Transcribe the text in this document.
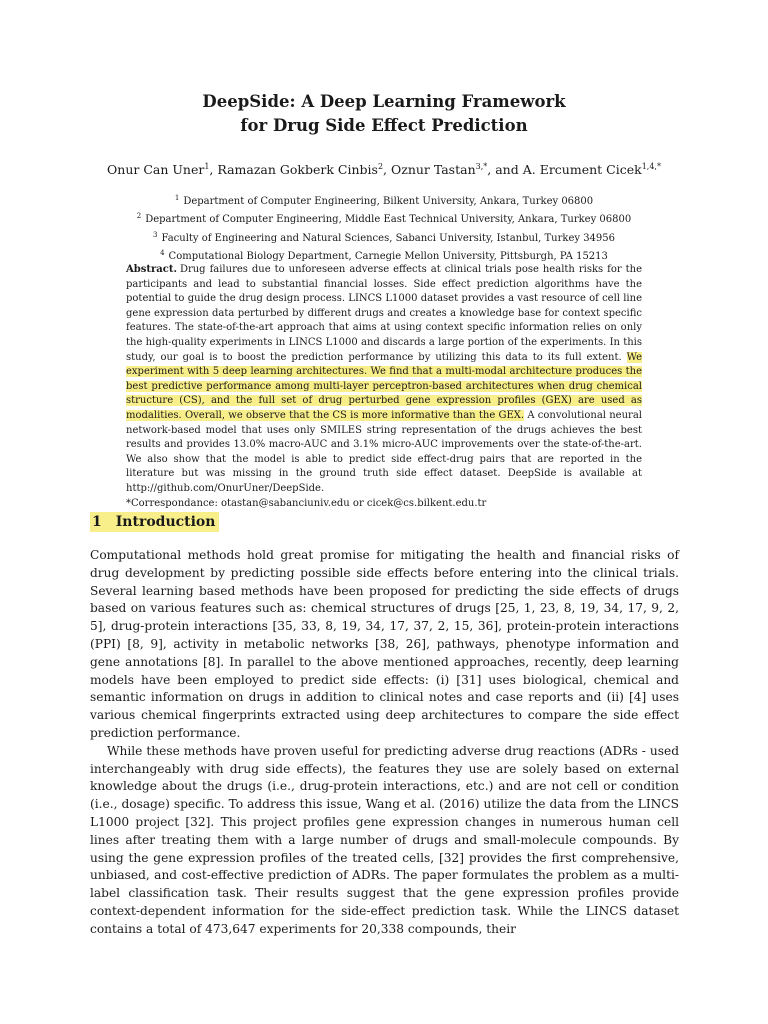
DeepSide: A Deep Learning Framework
for Drug Side Effect Prediction
Onur Can Uner$^1$, Ramazan Gokberk Cinbis$^2$, Oznur Tastan$^{3,*}$, and A. Ercument Cicek$^{1,4,*}$
$^1$ Department of Computer Engineering, Bilkent University, Ankara, Turkey 06800
$^2$ Department of Computer Engineering, Middle East Technical University, Ankara, Turkey 06800
$^3$ Faculty of Engineering and Natural Sciences, Sabanci University, Istanbul, Turkey 34956
$^4$ Computational Biology Department, Carnegie Mellon University, Pittsburgh, PA 15213
Abstract. Drug failures due to unforeseen adverse effects at clinical trials pose health risks for the participants and lead to substantial financial losses. Side effect prediction algorithms have the potential to guide the drug design process. LINCS L1000 dataset provides a vast resource of cell line gene expression data perturbed by different drugs and creates a knowledge base for context specific features. The state-of-the-art approach that aims at using context specific information relies on only the high-quality experiments in LINCS L1000 and discards a large portion of the experiments. In this study, our goal is to boost the prediction performance by utilizing this data to its full extent. We experiment with 5 deep learning architectures. We find that a multi-modal architecture produces the best predictive performance among multi-layer perceptron-based architectures when drug chemical structure (CS), and the full set of drug perturbed gene expression profiles (GEX) are used as modalities. Overall, we observe that the CS is more informative than the GEX. A convolutional neural network-based model that uses only SMILES string representation of the drugs achieves the best results and provides 13.0% macro-AUC and 3.1% micro-AUC improvements over the state-of-the-art. We also show that the model is able to predict side effect-drug pairs that are reported in the literature but was missing in the ground truth side effect dataset. DeepSide is available at http://github.com/OnurUner/DeepSide.
*Correspondance: otastan@sabanciuniv.edu or cicek@cs.bilkent.edu.tr
1 Introduction

Computational methods hold great promise for mitigating the health and financial risks of drug development by predicting possible side effects before entering into the clinical trials. Several learning based methods have been proposed for predicting the side effects of drugs based on various features such as: chemical structures of drugs [25, 1, 23, 8, 19, 34, 17, 9, 2, 5], drug-protein interactions [35, 33, 8, 19, 34, 17, 37, 2, 15, 36], protein-protein interactions (PPI) [8, 9], activity in metabolic networks [38, 26], pathways, phenotype information and gene annotations [8]. In parallel to the above mentioned approaches, recently, deep learning models have been employed to predict side effects: (i) [31] uses biological, chemical and semantic information on drugs in addition to clinical notes and case reports and (ii) [4] uses various chemical fingerprints extracted using deep architectures to compare the side effect prediction performance.

While these methods have proven useful for predicting adverse drug reactions (ADRs - used interchangeably with drug side effects), the features they use are solely based on external knowledge about the drugs (i.e., drug-protein interactions, etc.) and are not cell or condition (i.e., dosage) specific. To address this issue, Wang et al. (2016) utilize the data from the LINCS L1000 project [32]. This project profiles gene expression changes in numerous human cell lines after treating them with a large number of drugs and small-molecule compounds. By using the gene expression profiles of the treated cells, [32] provides the first comprehensive, unbiased, and cost-effective prediction of ADRs. The paper formulates the problem as a multi-label classification task. Their results suggest that the gene expression profiles provide context-dependent information for the side-effect prediction task. While the LINCS dataset contains a total of 473,647 experiments for 20,338 compounds, their
